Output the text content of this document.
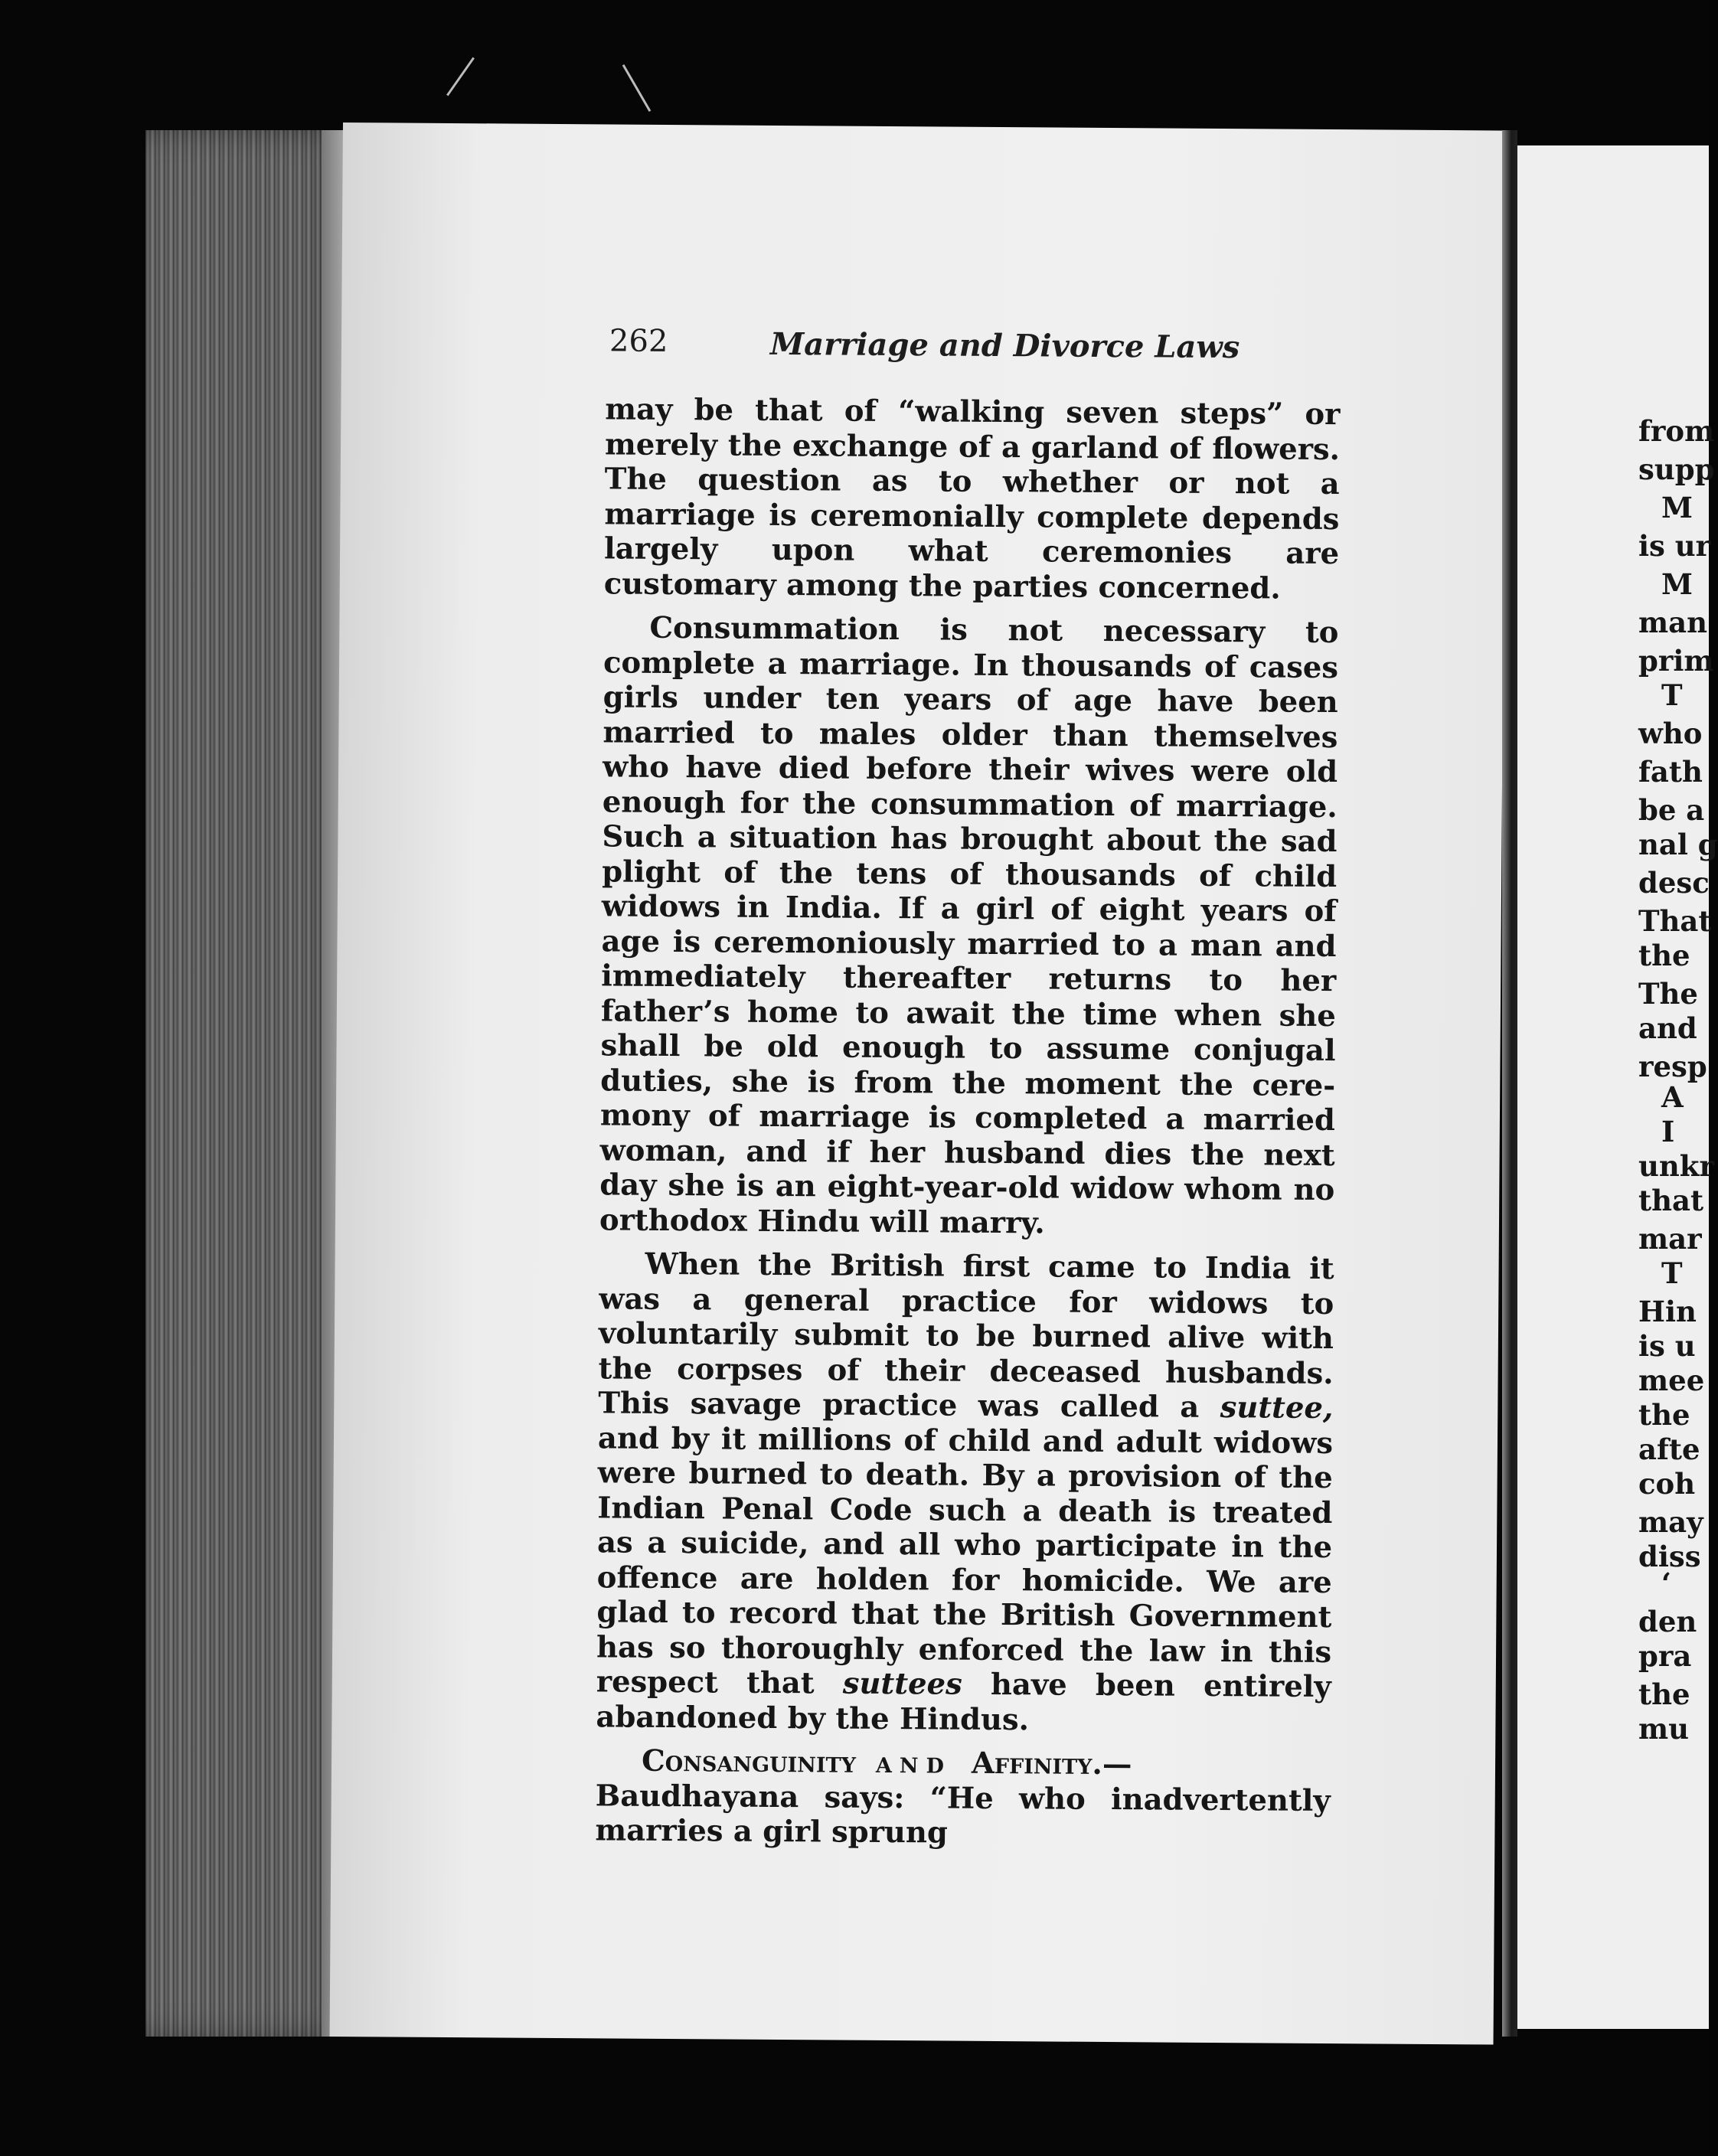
262	Marriage and Divorce Laws

may be that of “walking seven steps” or merely the exchange of a garland of flowers. The question as to whether or not a marriage is ceremonially complete depends largely upon what ceremonies are customary among the parties concerned.

Consummation is not necessary to complete a marriage. In thousands of cases girls under ten years of age have been married to males older than themselves who have died before their wives were old enough for the consummation of marriage. Such a situation has brought about the sad plight of the tens of thousands of child widows in India. If a girl of eight years of age is ceremoniously married to a man and immediately thereafter returns to her father’s home to await the time when she shall be old enough to assume conjugal duties, she is from the moment the ceremony of marriage is completed a married woman, and if her husband dies the next day she is an eight-year-old widow whom no orthodox Hindu will marry.

When the British first came to India it was a general practice for widows to voluntarily submit to be burned alive with the corpses of their deceased husbands. This savage practice was called a suttee, and by it millions of child and adult widows were burned to death. By a provision of the Indian Penal Code such a death is treated as a suicide, and all who participate in the offence are holden for homicide. We are glad to record that the British Government has so thoroughly enforced the law in this respect that suttees have been entirely abandoned by the Hindus.

Consanguinity and Affinity.—Baudhayana says: “He who inadvertently marries a girl sprung

from
supp
M
is ur
M
man
prim
T
who
fath
be a
nal g
desc
That
the
The
and
resp
A
I
unkr
that
mar
T
Hin
is u
mee
the
afte
coh
may
diss
‘
den
pra
the
mu
